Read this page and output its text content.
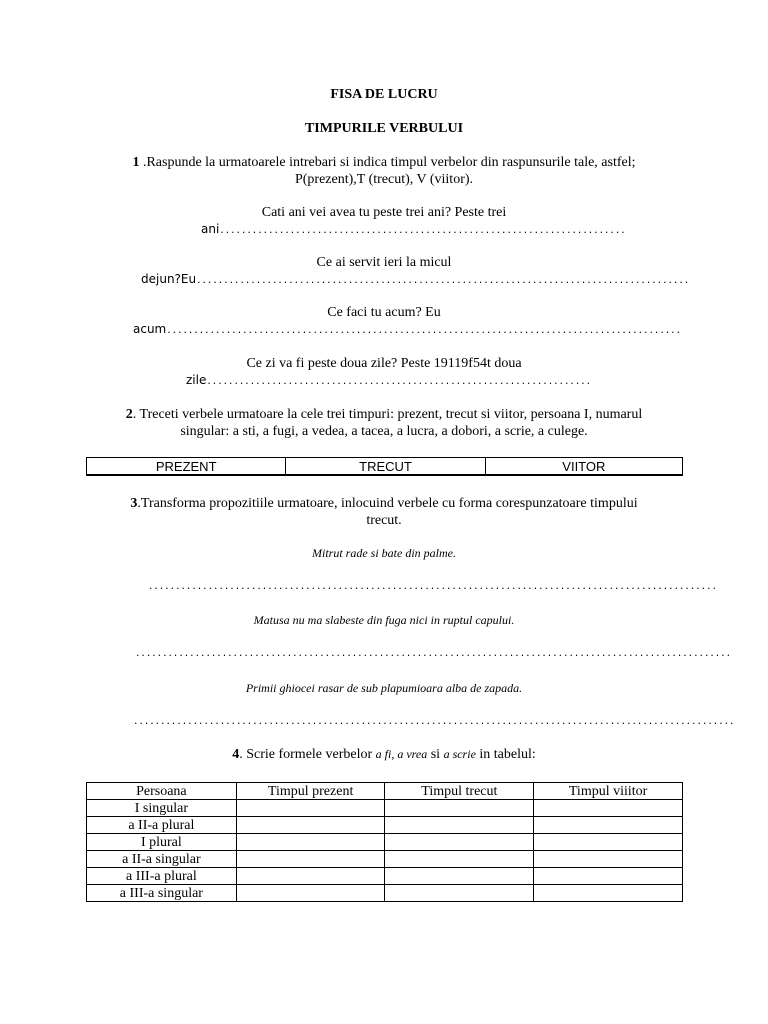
FISA DE LUCRU
TIMPURILE VERBULUI
1 .Raspunde la urmatoarele intrebari si indica timpul verbelor din raspunsurile tale, astfel;
P(prezent),T (trecut), V (viitor).
Cati ani vei avea tu peste trei ani? Peste trei
ani...........................................................................
Ce ai servit ieri la micul
dejun?Eu...........................................................................................
Ce faci tu acum? Eu
acum...............................................................................................
Ce zi va fi peste doua zile? Peste 19119f54t doua
zile.......................................................................
2. Treceti verbele urmatoare la cele trei timpuri: prezent, trecut si viitor, persoana I, numarul
singular: a sti, a fugi, a vedea, a tacea, a lucra, a dobori, a scrie, a culege.
PREZENT	TRECUT	VIITOR
3.Transforma propozitiile urmatoare, inlocuind verbele cu forma corespunzatoare timpului
trecut.
Mitrut rade si bate din palme.
.........................................................................................................
Matusa nu ma slabeste din fuga nici in ruptul capului.
..............................................................................................................
Primii ghiocei rasar de sub plapumioara alba de zapada.
...............................................................................................................
4. Scrie formele verbelor a fi, a vrea si a scrie in tabelul:
Persoana	Timpul prezent	Timpul trecut	Timpul viiitor
I singular			
a II-a plural			
I plural			
a II-a singular			
a III-a plural			
a III-a singular			
